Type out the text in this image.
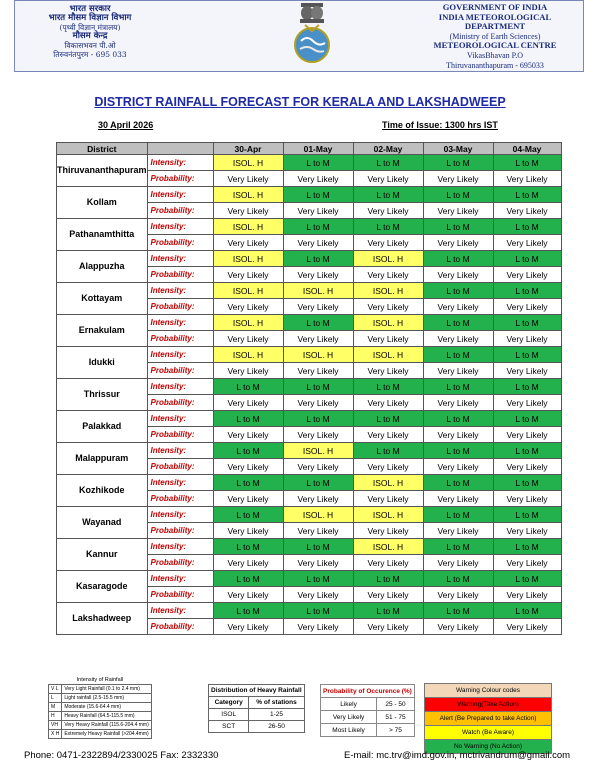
भारत सरकार
भारत मौसम विज्ञान विभाग
(पृथ्वी विज्ञान मंत्रालय)
मौसम केन्द्र
विकासभवन पी.ओ
तिरुवनंतपुरम - 695 033
GOVERNMENT OF INDIA
INDIA METEOROLOGICAL
DEPARTMENT
(Ministry of Earth Sciences)
METEOROLOGICAL CENTRE
VikasBhavan P.O
Thiruvananthapuram - 695033
DISTRICT RAINFALL FORECAST FOR KERALA AND LAKSHADWEEP
30 April 2026	Time of Issue: 1300 hrs IST
District		30-Apr	01-May	02-May	03-May	04-May
Thiruvananthapuram	Intensity:	ISOL. H	L to M	L to M	L to M	L to M
	Probability:	Very Likely	Very Likely	Very Likely	Very Likely	Very Likely
Kollam	Intensity:	ISOL. H	L to M	L to M	L to M	L to M
	Probability:	Very Likely	Very Likely	Very Likely	Very Likely	Very Likely
Pathanamthitta	Intensity:	ISOL. H	L to M	L to M	L to M	L to M
	Probability:	Very Likely	Very Likely	Very Likely	Very Likely	Very Likely
Alappuzha	Intensity:	ISOL. H	L to M	ISOL. H	L to M	L to M
	Probability:	Very Likely	Very Likely	Very Likely	Very Likely	Very Likely
Kottayam	Intensity:	ISOL. H	ISOL. H	ISOL. H	L to M	L to M
	Probability:	Very Likely	Very Likely	Very Likely	Very Likely	Very Likely
Ernakulam	Intensity:	ISOL. H	L to M	ISOL. H	L to M	L to M
	Probability:	Very Likely	Very Likely	Very Likely	Very Likely	Very Likely
Idukki	Intensity:	ISOL. H	ISOL. H	ISOL. H	L to M	L to M
	Probability:	Very Likely	Very Likely	Very Likely	Very Likely	Very Likely
Thrissur	Intensity:	L to M	L to M	L to M	L to M	L to M
	Probability:	Very Likely	Very Likely	Very Likely	Very Likely	Very Likely
Palakkad	Intensity:	L to M	L to M	L to M	L to M	L to M
	Probability:	Very Likely	Very Likely	Very Likely	Very Likely	Very Likely
Malappuram	Intensity:	L to M	ISOL. H	L to M	L to M	L to M
	Probability:	Very Likely	Very Likely	Very Likely	Very Likely	Very Likely
Kozhikode	Intensity:	L to M	L to M	ISOL. H	L to M	L to M
	Probability:	Very Likely	Very Likely	Very Likely	Very Likely	Very Likely
Wayanad	Intensity:	L to M	ISOL. H	ISOL. H	L to M	L to M
	Probability:	Very Likely	Very Likely	Very Likely	Very Likely	Very Likely
Kannur	Intensity:	L to M	L to M	ISOL. H	L to M	L to M
	Probability:	Very Likely	Very Likely	Very Likely	Very Likely	Very Likely
Kasaragode	Intensity:	L to M	L to M	L to M	L to M	L to M
	Probability:	Very Likely	Very Likely	Very Likely	Very Likely	Very Likely
Lakshadweep	Intensity:	L to M	L to M	L to M	L to M	L to M
	Probability:	Very Likely	Very Likely	Very Likely	Very Likely	Very Likely
Intensity of Rainfall	
V L	Very Light Rainfall (0.1 to 2.4 mm)
L	Light rainfall (2.5-15.5 mm)
M	Moderate (15.6-64.4 mm)
H	Heavy Rainfall (64.5-115.5 mm)
VH	Very Heavy Rainfall (115.6-204.4 mm)
X H	Extremely Heavy Rainfall (>204.4mm)
Distribution of Heavy Rainfall	
Category	% of stations
ISOL	1-25
SCT	26-50
Probability of Occurence (%)	
Likely	25 - 50
Very Likely	51 - 75
Most Likely	> 75
Warning Colour codes
Warning(Take Action)
Alert (Be Prepared to take Action)
Watch (Be Aware)
No Warning (No Action)
Phone: 0471-2322894/2330025 Fax: 2332330	E-mail: mc.trv@imd.gov.in, mctrivandrum@gmail.com
